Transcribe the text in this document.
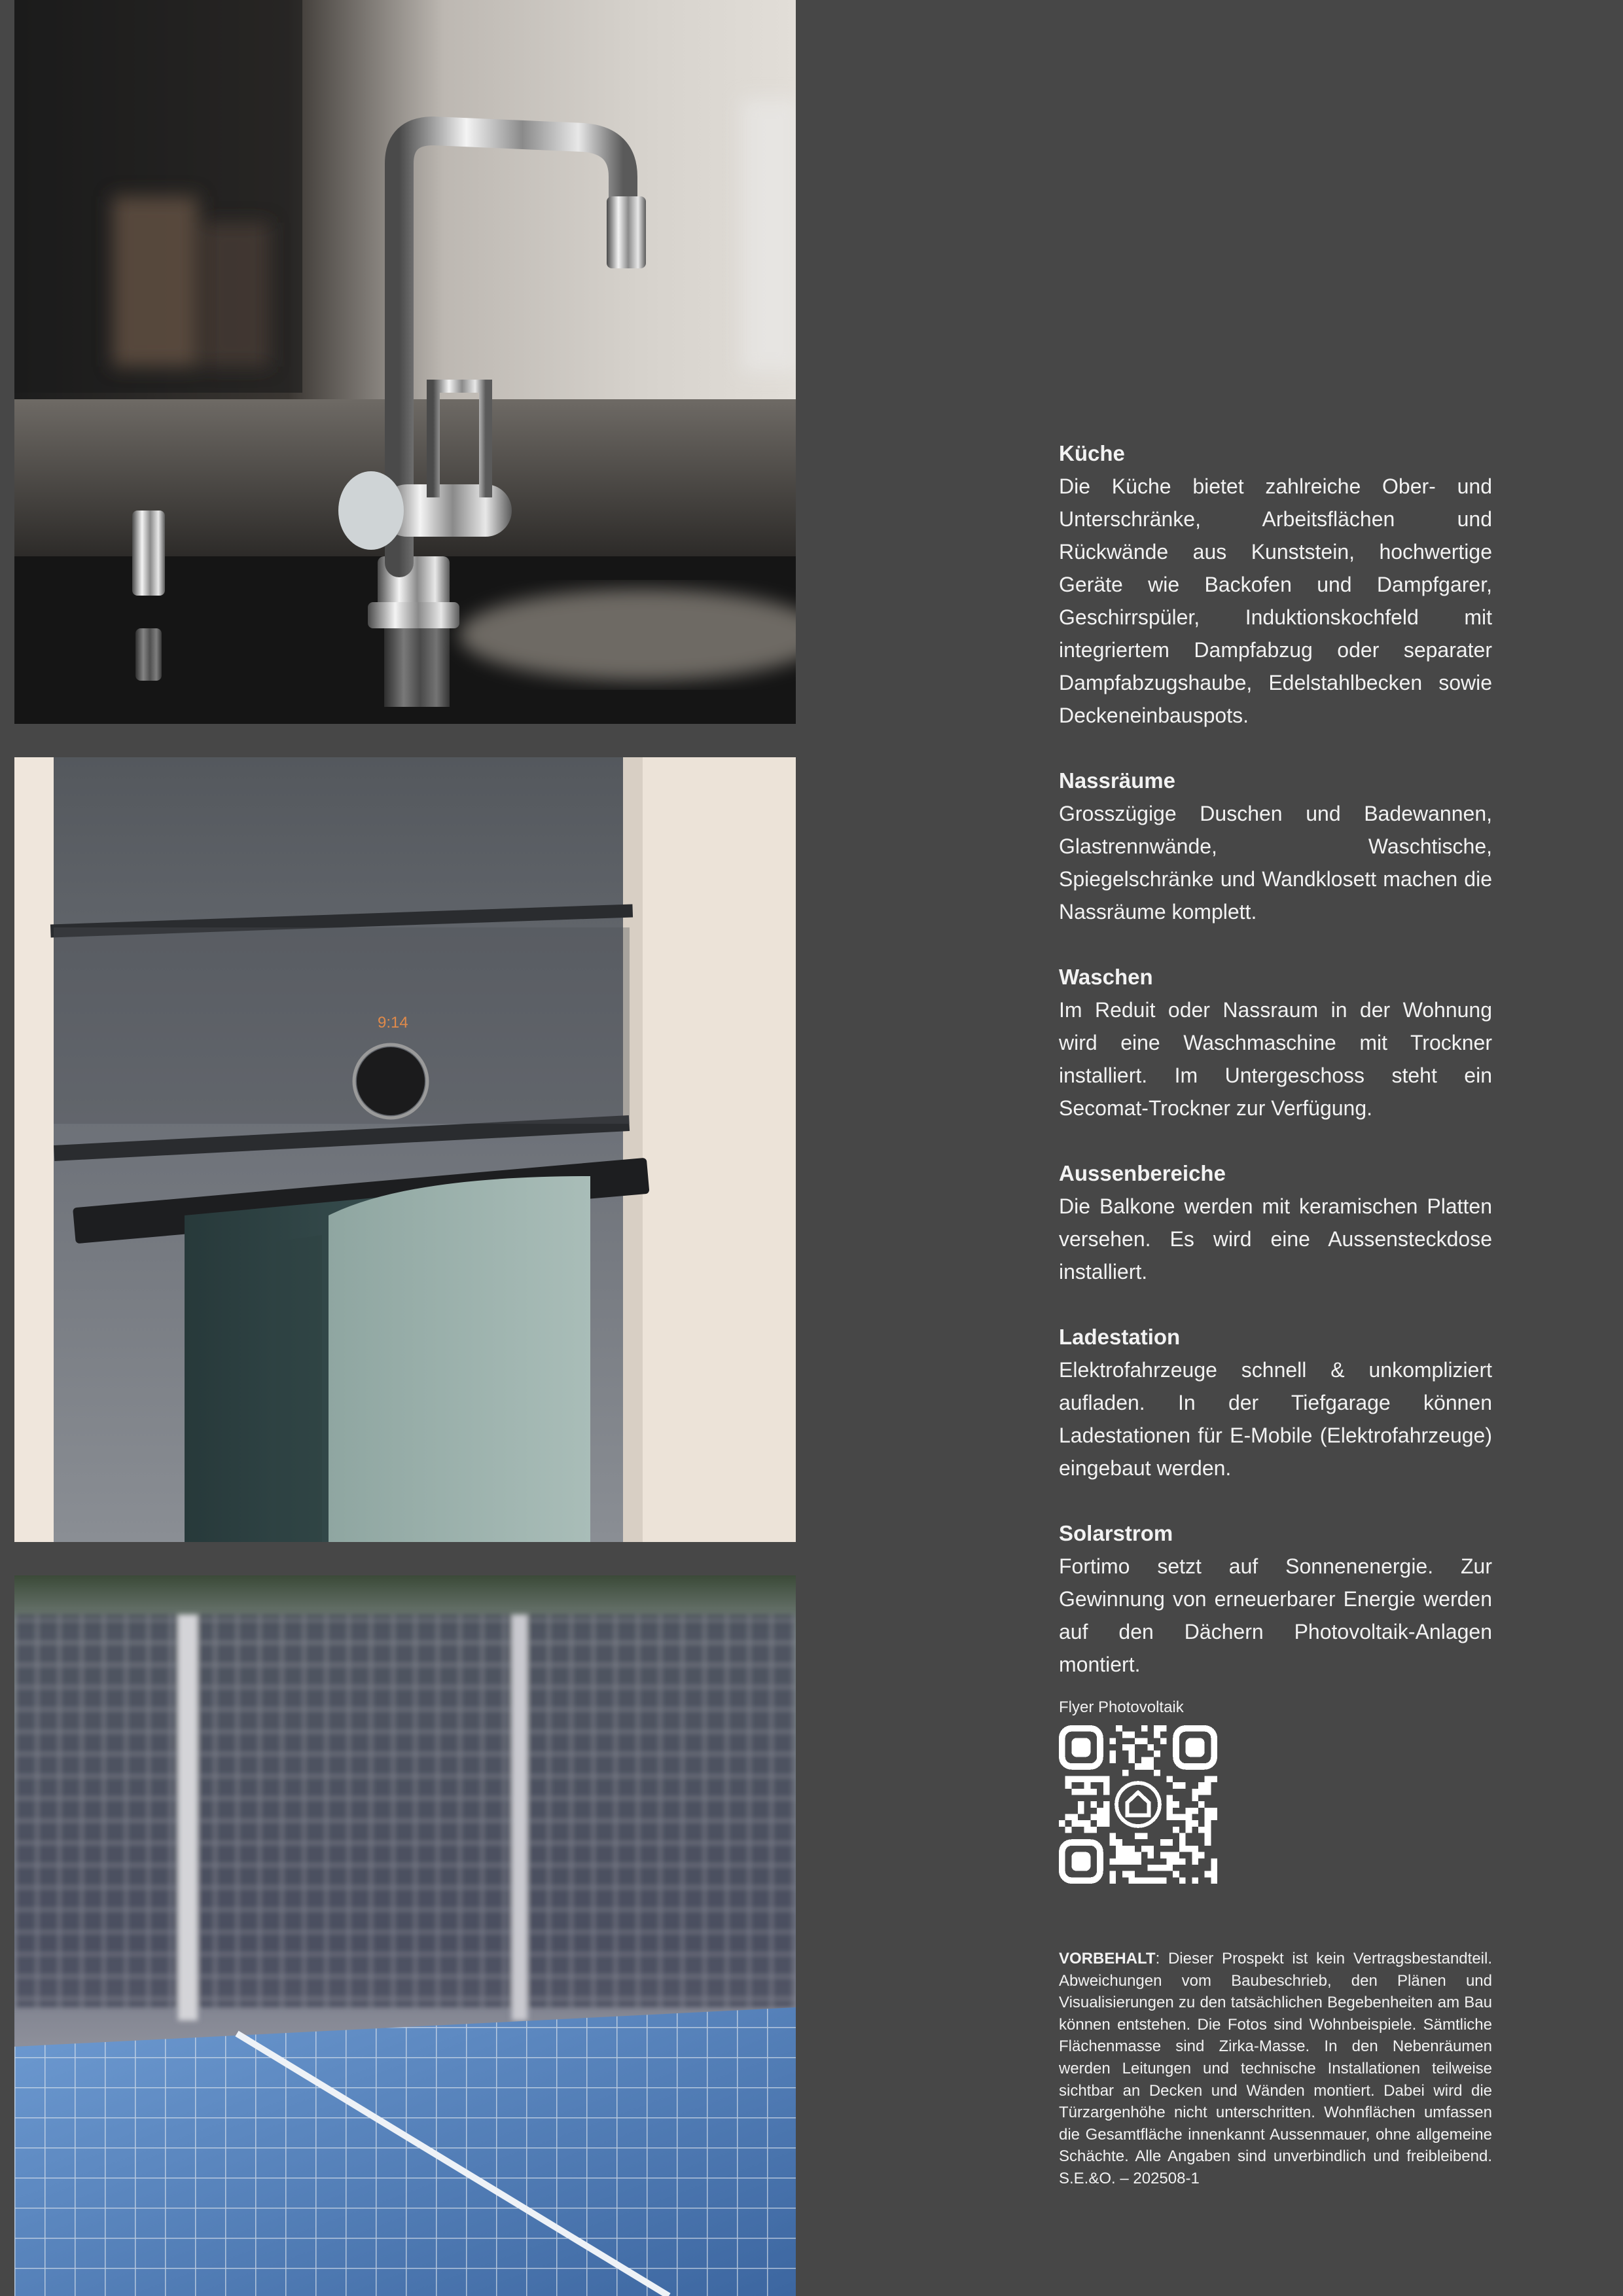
9:14
Küche

Die Küche bietet zahlreiche Ober- und Unterschränke, Arbeitsflächen und Rückwände aus Kunststein, hochwertige Geräte wie Backofen und Dampfgarer, Geschirrspüler, Induktionskochfeld mit integriertem Dampfabzug oder separater Dampfabzugshaube, Edelstahlbecken sowie Deckeneinbauspots.

Nassräume

Grosszügige Duschen und Badewannen, Glastrennwände, Waschtische, Spiegelschränke und Wandklosett machen die Nassräume komplett.

Waschen

Im Reduit oder Nassraum in der Wohnung wird eine Waschmaschine mit Trockner installiert. Im Untergeschoss steht ein Secomat-Trockner zur Verfügung.

Aussenbereiche

Die Balkone werden mit keramischen Platten versehen. Es wird eine Aussensteckdose installiert.

Ladestation

Elektrofahrzeuge schnell & unkompliziert aufladen. In der Tiefgarage können Ladestationen für E-Mobile (Elektrofahrzeuge) eingebaut werden.

Solarstrom

Fortimo setzt auf Sonnenenergie. Zur Gewinnung von erneuerbarer Energie werden auf den Dächern Photovoltaik-Anlagen montiert.

Flyer Photovoltaik
VORBEHALT: Dieser Prospekt ist kein Vertragsbestandteil. Abweichungen vom Baubeschrieb, den Plänen und Visualisierungen zu den tatsächlichen Begebenheiten am Bau können entstehen. Die Fotos sind Wohnbeispiele. Sämtliche Flächenmasse sind Zirka-Masse. In den Nebenräumen werden Leitungen und technische Installationen teilweise sichtbar an Decken und Wänden montiert. Dabei wird die Türzargenhöhe nicht unterschritten. Wohnflächen umfassen die Gesamtfläche innenkannt Aussenmauer, ohne allgemeine Schächte. Alle Angaben sind unverbindlich und freibleibend. S.E.&O. – 202508-1
